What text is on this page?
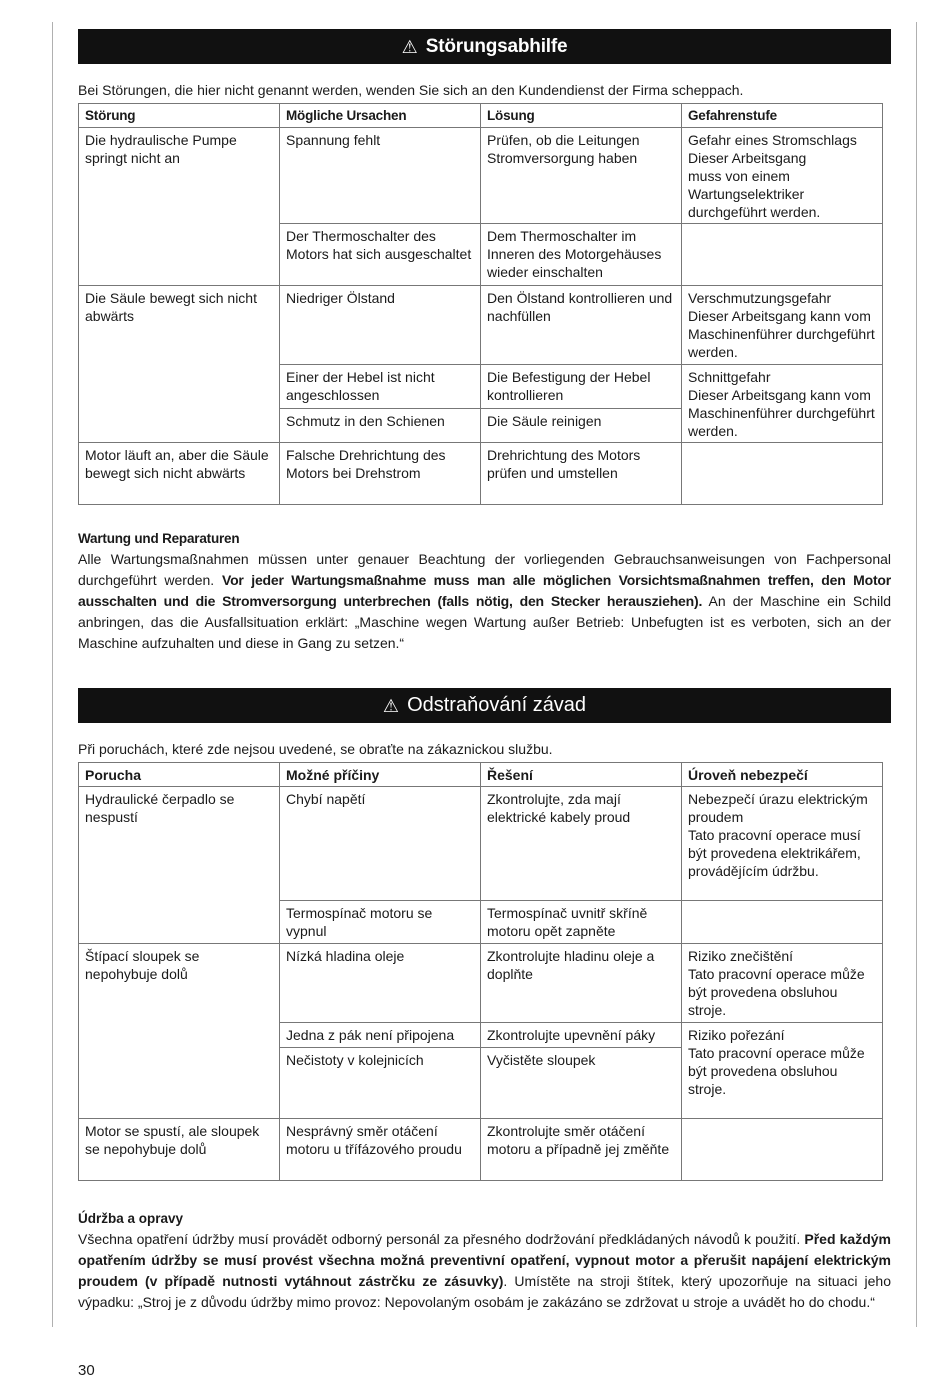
⚠ Störungsabhilfe
Bei Störungen, die hier nicht genannt werden, wenden Sie sich an den Kundendienst der Firma scheppach.
Störung	Mögliche Ursachen	Lösung	Gefahrenstufe
Die hydraulische Pumpe springt nicht an	Spannung fehlt	Prüfen, ob die Leitungen Stromversorgung haben	Gefahr eines Stromschlags
Dieser Arbeitsgang
muss von einem Wartungselektriker durchgeführt werden.
	Der Thermoschalter des Motors hat sich ausgeschaltet	Dem Thermoschalter im Inneren des Motorgehäuses wieder einschalten	
Die Säule bewegt sich nicht abwärts	Niedriger Ölstand	Den Ölstand kontrollieren und nachfüllen	Verschmutzungsgefahr
Dieser Arbeitsgang kann vom Maschinenführer durchgeführt werden.
	Einer der Hebel ist nicht angeschlossen	Die Befestigung der Hebel kontrollieren	Schnittgefahr
Dieser Arbeitsgang kann vom Maschinenführer durchgeführt werden.
	Schmutz in den Schienen	Die Säule reinigen	
Motor läuft an, aber die Säule bewegt sich nicht abwärts	Falsche Drehrichtung des Motors bei Drehstrom	Drehrichtung des Motors prüfen und umstellen	
Wartung und Reparaturen
Alle Wartungsmaßnahmen müssen unter genauer Beachtung der vorliegenden Gebrauchsanweisungen von Fachpersonal durchgeführt werden. Vor jeder Wartungsmaßnahme muss man alle möglichen Vorsichtsmaßnahmen treffen, den Motor ausschalten und die Stromversorgung unterbrechen (falls nötig, den Stecker herausziehen). An der Maschine ein Schild anbringen, das die Ausfallsituation erklärt: „Maschine wegen Wartung außer Betrieb: Unbefugten ist es verboten, sich an der Maschine aufzuhalten und diese in Gang zu setzen.“
⚠ Odstraňování závad
Při poruchách, které zde nejsou uvedené, se obraťte na zákaznickou službu.
Porucha	Možné příčiny	Řešení	Úroveň nebezpečí
Hydraulické čerpadlo se nespustí	Chybí napětí	Zkontrolujte, zda mají elektrické kabely proud	Nebezpečí úrazu elektrickým proudem
Tato pracovní operace musí být provedena elektrikářem, provádějícím údržbu.
	Termospínač motoru se vypnul	Termospínač uvnitř skříně motoru opět zapněte	
Štípací sloupek se nepohybuje dolů	Nízká hladina oleje	Zkontrolujte hladinu oleje a doplňte	Riziko znečištění
Tato pracovní operace může být provedena obsluhou stroje.
	Jedna z pák není připojena	Zkontrolujte upevnění páky	Riziko pořezání
Tato pracovní operace může být provedena obsluhou stroje.
	Nečistoty v kolejnicích	Vyčistěte sloupek	
Motor se spustí, ale sloupek se nepohybuje dolů	Nesprávný směr otáčení motoru u třífázového proudu	Zkontrolujte směr otáčení motoru a případně jej změňte	
Údržba a opravy
Všechna opatření údržby musí provádět odborný personál za přesného dodržování předkládaných návodů k použití. Před každým opatřením údržby se musí provést všechna možná preventivní opatření, vypnout motor a přerušit napájení elektrickým proudem (v případě nutnosti vytáhnout zástrčku ze zásuvky). Umístěte na stroji štítek, který upozorňuje na situaci jeho výpadku: „Stroj je z důvodu údržby mimo provoz: Nepovolaným osobám je zakázáno se zdržovat u stroje a uvádět ho do chodu.“
30
